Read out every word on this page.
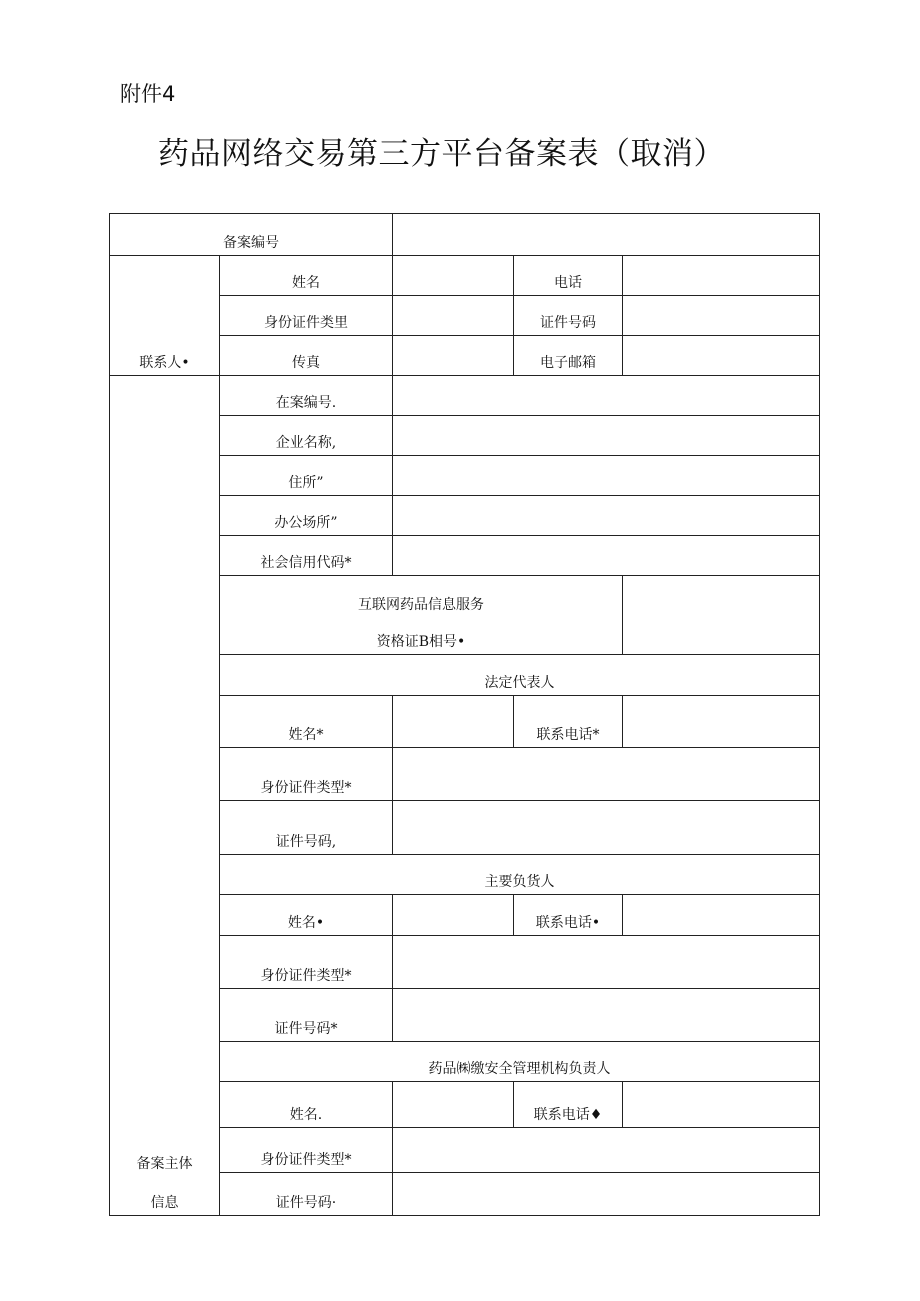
附件4
药品网络交易第三方平台备案表（取消）
备案编号				
联系人•	姓名		电话	
	身份证件类里		证件号码	
	传真		电子邮箱	

备案主体
信息	在案编号.			
	企业名称,			
	住所”			
	办公场所”			
	社会信用代码*			

	互联网药品信息服务
资格证B相号•			

	法定代表人			
	姓名*		联系电话*	
	身份证件类型*			
	证件号码,			
	主要负货人			
	姓名•		联系电话•	
	身份证件类型*			
	证件号码*			
	药品㈱缴安全管理机构负责人			
	姓名.		联系电话♦	
	身份证件类型*			
	证件号码·			
